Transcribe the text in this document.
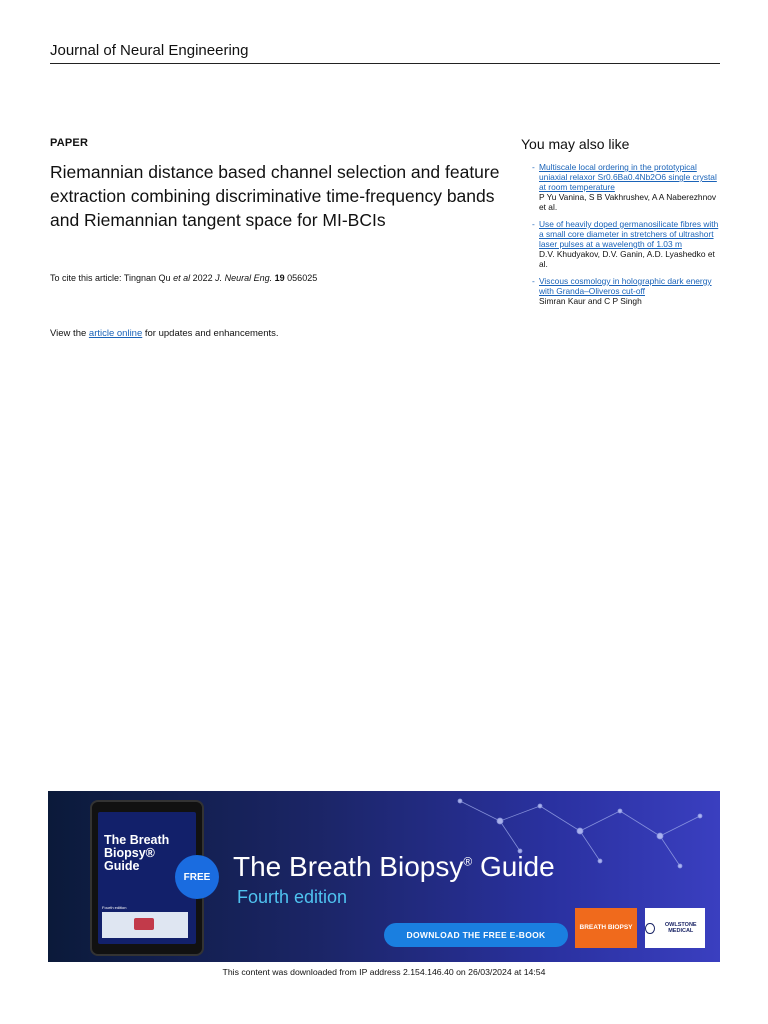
Journal of Neural Engineering
PAPER
Riemannian distance based channel selection and feature extraction combining discriminative time-frequency bands and Riemannian tangent space for MI-BCIs
To cite this article: Tingnan Qu et al 2022 J. Neural Eng. 19 056025
View the article online for updates and enhancements.
You may also like
- Multiscale local ordering in the prototypical uniaxial relaxor Sr0.6Ba0.4Nb2O6 single crystal at room temperature
P Yu Vanina, S B Vakhrushev, A A Naberezhnov et al.
- Use of heavily doped germanosilicate fibres with a small core diameter in stretchers of ultrashort laser pulses at a wavelength of 1.03 m
D.V. Khudyakov, D.V. Ganin, A.D. Lyashedko et al.
- Viscous cosmology in holographic dark energy with Granda–Oliveros cut-off
Simran Kaur and C P Singh
The Breath Biopsy® Guide
Fourth edition
FREE The Breath Biopsy® Guide
Fourth edition
DOWNLOAD THE FREE E-BOOK
BREATH BIOPSY	OWLSTONE MEDICAL
This content was downloaded from IP address 2.154.146.40 on 26/03/2024 at 14:54
